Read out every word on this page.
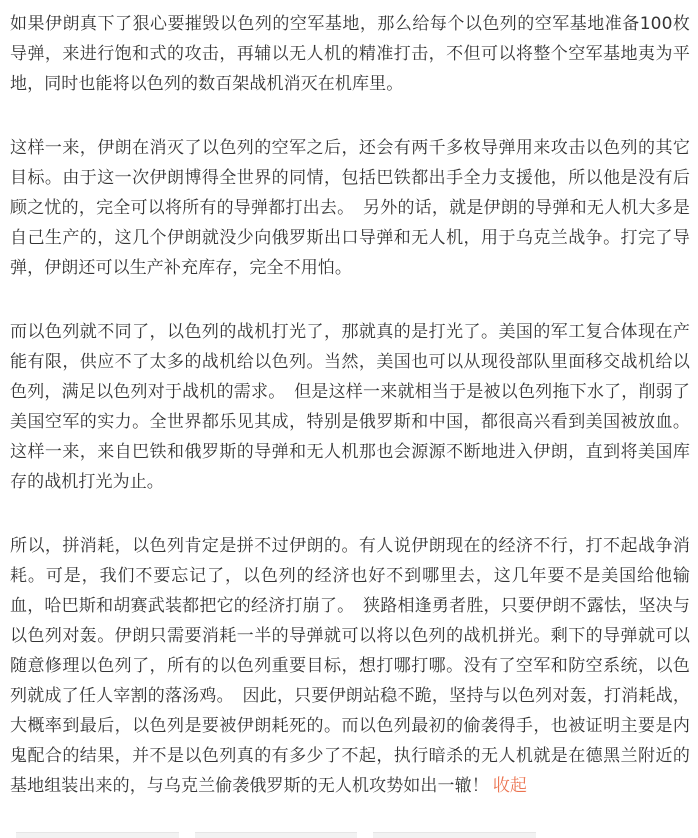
如果伊朗真下了狠心要摧毁以色列的空军基地，那么给每个以色列的空军基地准备100枚导弹，来进行饱和式的攻击，再辅以无人机的精准打击，不但可以将整个空军基地夷为平地，同时也能将以色列的数百架战机消灭在机库里。

这样一来，伊朗在消灭了以色列的空军之后，还会有两千多枚导弹用来攻击以色列的其它目标。由于这一次伊朗博得全世界的同情，包括巴铁都出手全力支援他，所以他是没有后顾之忧的，完全可以将所有的导弹都打出去。　另外的话，就是伊朗的导弹和无人机大多是自己生产的，这几个伊朗就没少向俄罗斯出口导弹和无人机，用于乌克兰战争。打完了导弹，伊朗还可以生产补充库存，完全不用怕。

而以色列就不同了，以色列的战机打光了，那就真的是打光了。美国的军工复合体现在产能有限，供应不了太多的战机给以色列。当然，美国也可以从现役部队里面移交战机给以色列，满足以色列对于战机的需求。　但是这样一来就相当于是被以色列拖下水了，削弱了美国空军的实力。全世界都乐见其成，特别是俄罗斯和中国，都很高兴看到美国被放血。这样一来，来自巴铁和俄罗斯的导弹和无人机那也会源源不断地进入伊朗，直到将美国库存的战机打光为止。

所以，拼消耗，以色列肯定是拼不过伊朗的。有人说伊朗现在的经济不行，打不起战争消耗。可是，我们不要忘记了，以色列的经济也好不到哪里去，这几年要不是美国给他输血，哈巴斯和胡赛武装都把它的经济打崩了。　狭路相逢勇者胜，只要伊朗不露怯，坚决与以色列对轰。伊朗只需要消耗一半的导弹就可以将以色列的战机拼光。剩下的导弹就可以随意修理以色列了，所有的以色列重要目标，想打哪打哪。没有了空军和防空系统，以色列就成了任人宰割的落汤鸡。　因此，只要伊朗站稳不跪，坚持与以色列对轰，打消耗战，大概率到最后，以色列是要被伊朗耗死的。而以色列最初的偷袭得手，也被证明主要是内鬼配合的结果，并不是以色列真的有多少了不起，执行暗杀的无人机就是在德黑兰附近的基地组装出来的，与乌克兰偷袭俄罗斯的无人机攻势如出一辙！ 收起
